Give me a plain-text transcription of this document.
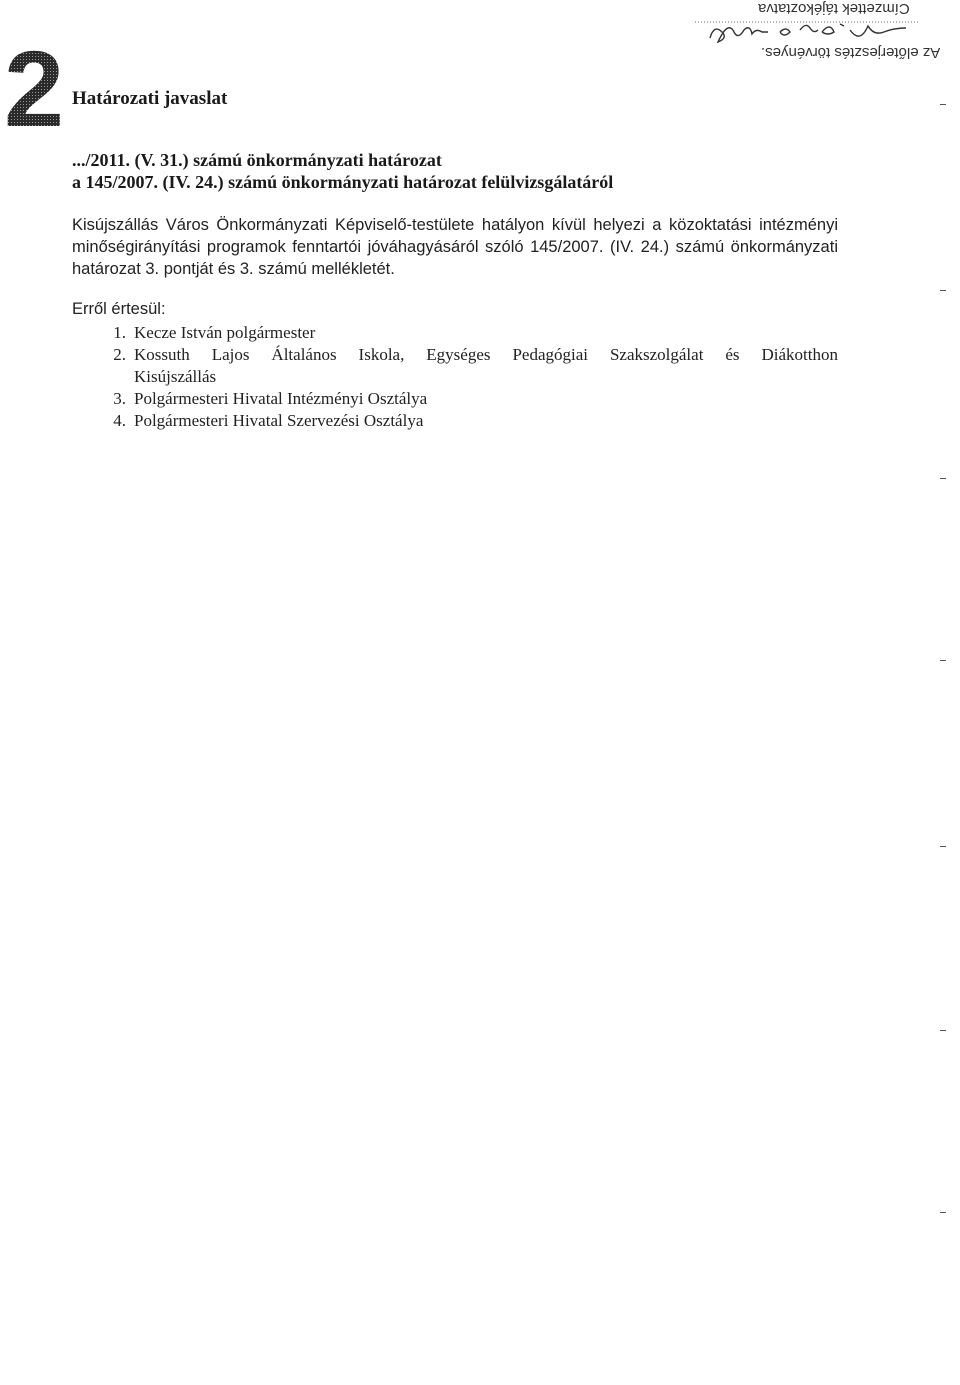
2
Címzettek tájékoztatva
Az előterjesztés törvényes.
Határozati javaslat
.../2011. (V. 31.) számú önkormányzati határozat
a 145/2007. (IV. 24.) számú önkormányzati határozat felülvizsgálatáról
Kisújszállás Város Önkormányzati Képviselő-testülete hatályon kívül helyezi a közoktatási intézményi minőségirányítási programok fenntartói jóváhagyásáról szóló 145/2007. (IV. 24.) számú önkormányzati határozat 3. pontját és 3. számú mellékletét.
Erről értesül:
1. Kecze István polgármester
2. Kossuth Lajos Általános Iskola, Egységes Pedagógiai Szakszolgálat és Diákotthon
Kisújszállás
3. Polgármesteri Hivatal Intézményi Osztálya
4. Polgármesteri Hivatal Szervezési Osztálya
